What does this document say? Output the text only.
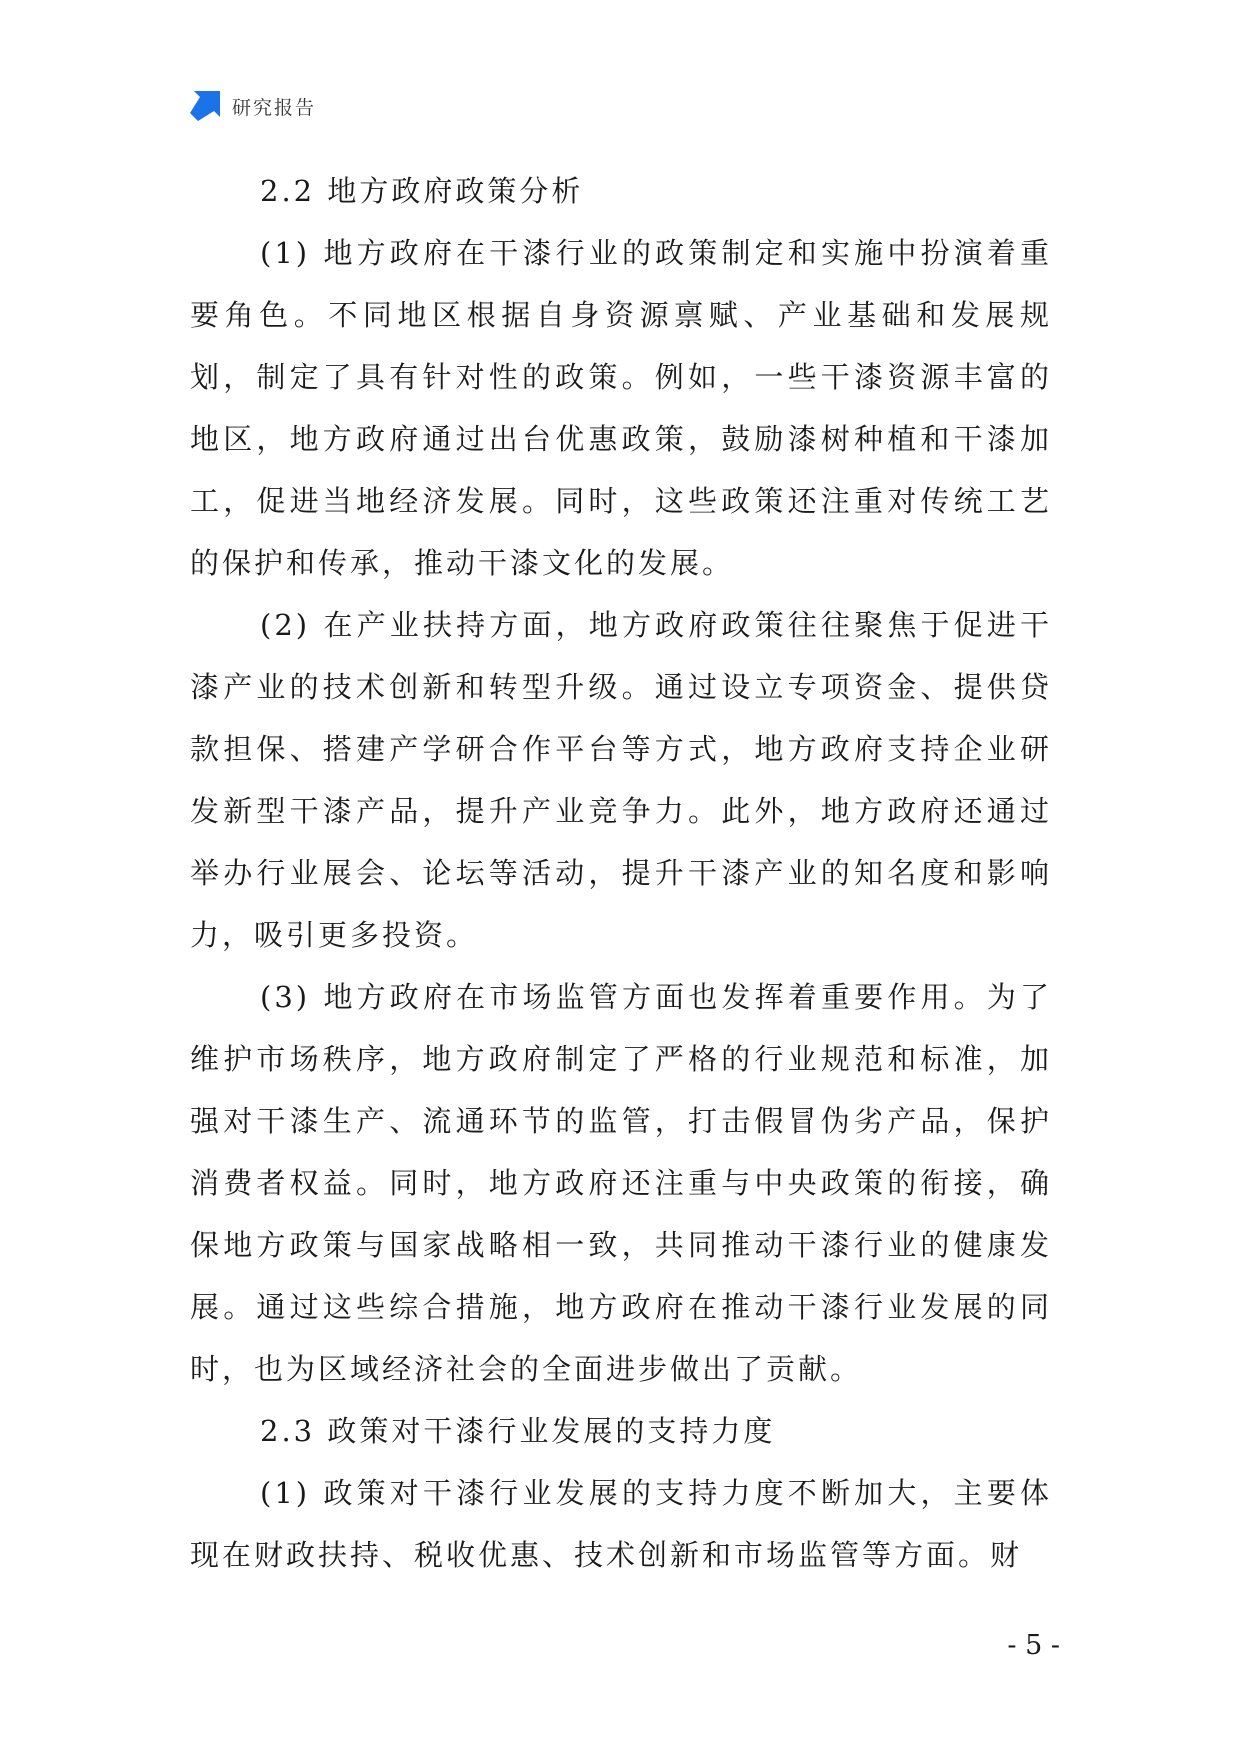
研究报告
2.2 地方政府政策分析

(1) 地方政府在干漆行业的政策制定和实施中扮演着重要角色。不同地区根据自身资源禀赋、产业基础和发展规划，制定了具有针对性的政策。例如，一些干漆资源丰富的地区，地方政府通过出台优惠政策，鼓励漆树种植和干漆加工，促进当地经济发展。同时，这些政策还注重对传统工艺的保护和传承，推动干漆文化的发展。

(2) 在产业扶持方面，地方政府政策往往聚焦于促进干漆产业的技术创新和转型升级。通过设立专项资金、提供贷款担保、搭建产学研合作平台等方式，地方政府支持企业研发新型干漆产品，提升产业竞争力。此外，地方政府还通过举办行业展会、论坛等活动，提升干漆产业的知名度和影响力，吸引更多投资。

(3) 地方政府在市场监管方面也发挥着重要作用。为了维护市场秩序，地方政府制定了严格的行业规范和标准，加强对干漆生产、流通环节的监管，打击假冒伪劣产品，保护消费者权益。同时，地方政府还注重与中央政策的衔接，确保地方政策与国家战略相一致，共同推动干漆行业的健康发展。通过这些综合措施，地方政府在推动干漆行业发展的同时，也为区域经济社会的全面进步做出了贡献。

2.3 政策对干漆行业发展的支持力度

(1) 政策对干漆行业发展的支持力度不断加大，主要体现在财政扶持、税收优惠、技术创新和市场监管等方面。财

- 5 -
